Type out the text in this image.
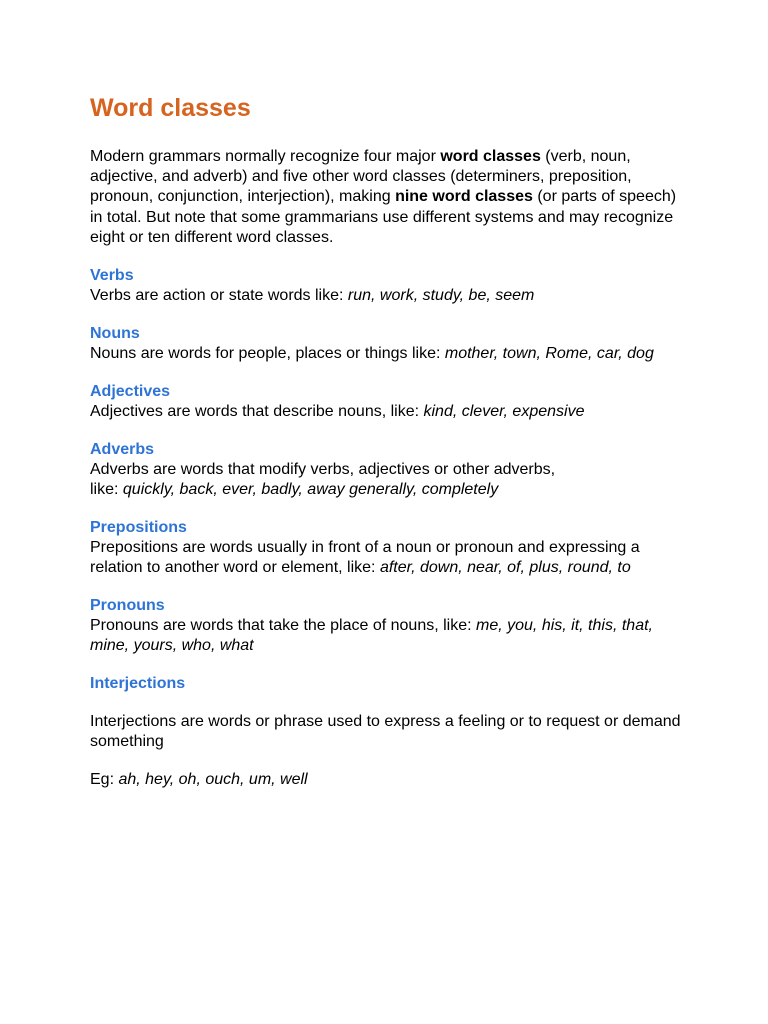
Word classes

Modern grammars normally recognize four major word classes (verb, noun, adjective, and adverb) and five other word classes (determiners, preposition, pronoun, conjunction, interjection), making nine word classes (or parts of speech) in total. But note that some grammarians use different systems and may recognize eight or ten different word classes.

Verbs

Verbs are action or state words like: run, work, study, be, seem

Nouns

Nouns are words for people, places or things like: mother, town, Rome, car, dog

Adjectives

Adjectives are words that describe nouns, like: kind, clever, expensive

Adverbs

Adverbs are words that modify verbs, adjectives or other adverbs,
like: quickly, back, ever, badly, away generally, completely

Prepositions

Prepositions are words usually in front of a noun or pronoun and expressing a relation to another word or element, like: after, down, near, of, plus, round, to

Pronouns

Pronouns are words that take the place of nouns, like: me, you, his, it, this, that, mine, yours, who, what

Interjections

Interjections are words or phrase used to express a feeling or to request or demand something

Eg: ah, hey, oh, ouch, um, well
